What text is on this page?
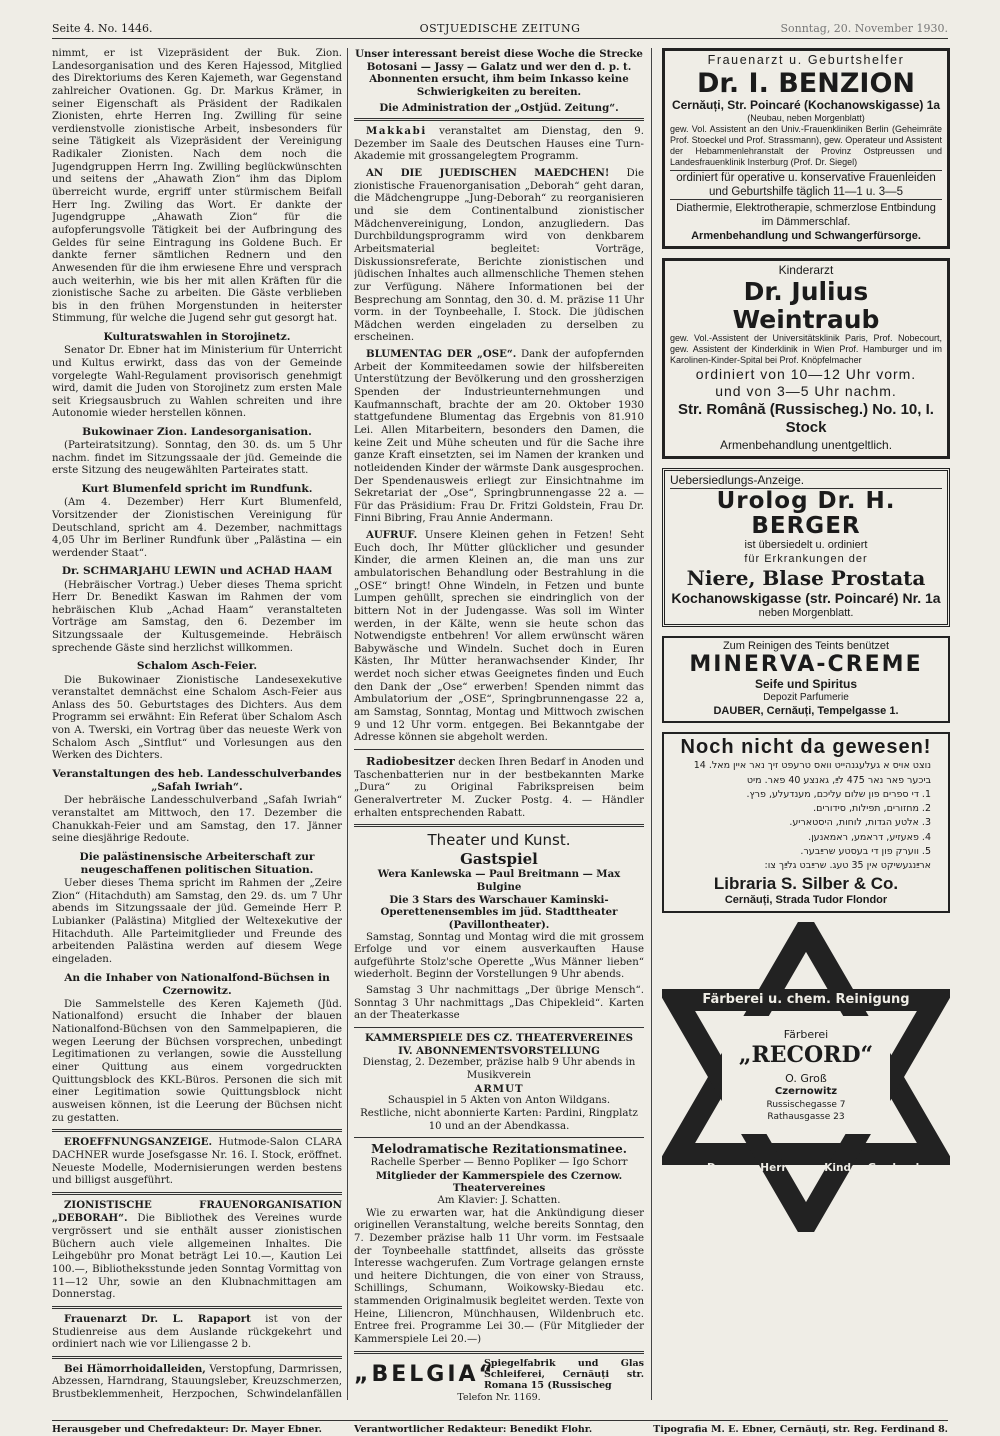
Seite 4. No. 1446.	OSTJUEDISCHE ZEITUNG	Sonntag, 20. November 1930.

nimmt, er ist Vizepräsident der Buk. Zion. Landesorganisation und des Keren Hajessod, Mitglied des Direktoriums des Keren Kajemeth, war Gegenstand zahlreicher Ovationen. Gg. Dr. Markus Krämer, in seiner Eigenschaft als Präsident der Radikalen Zionisten, ehrte Herren Ing. Zwilling für seine verdienstvolle zionistische Arbeit, insbesonders für seine Tätigkeit als Vizepräsident der Vereinigung Radikaler Zionisten. Nach dem noch die Jugendgruppen Herrn Ing. Zwilling beglückwünschten und seitens der „Ahawath Zion“ ihm das Diplom überreicht wurde, ergriff unter stürmischem Beifall Herr Ing. Zwiling das Wort. Er dankte der Jugendgruppe „Ahawath Zion“ für die aufopferungsvolle Tätigkeit bei der Aufbringung des Geldes für seine Eintragung ins Goldene Buch. Er dankte ferner sämtlichen Rednern und den Anwesenden für die ihm erwiesene Ehre und versprach auch weiterhin, wie bis her mit allen Kräften für die zionistische Sache zu arbeiten. Die Gäste verblieben bis in den frühen Morgenstunden in heiterster Stimmung, für welche die Jugend sehr gut gesorgt hat.

Kulturatswahlen in Storojinetz.

Senator Dr. Ebner hat im Ministerium für Unterricht und Kultus erwirkt, dass das von der Gemeinde vorgelegte Wahl-Regulament provisorisch genehmigt wird, damit die Juden von Storojinetz zum ersten Male seit Kriegsausbruch zu Wahlen schreiten und ihre Autonomie wieder herstellen können.

Bukowinaer Zion. Landesorganisation.

(Parteiratsitzung). Sonntag, den 30. ds. um 5 Uhr nachm. findet im Sitzungssaale der jüd. Gemeinde die erste Sitzung des neugewählten Parteirates statt.

Kurt Blumenfeld spricht im Rundfunk.

(Am 4. Dezember) Herr Kurt Blumenfeld, Vorsitzender der Zionistischen Vereinigung für Deutschland, spricht am 4. Dezember, nachmittags 4,05 Uhr im Berliner Rundfunk über „Palästina — ein werdender Staat“.

Dr. SCHMARJAHU LEWIN und ACHAD HAAM

(Hebräischer Vortrag.) Ueber dieses Thema spricht Herr Dr. Benedikt Kaswan im Rahmen der vom hebräischen Klub „Achad Haam“ veranstalteten Vorträge am Samstag, den 6. Dezember im Sitzungssaale der Kultusgemeinde. Hebräisch sprechende Gäste sind herzlichst willkommen.

Schalom Asch-Feier.

Die Bukowinaer Zionistische Landesexekutive veranstaltet demnächst eine Schalom Asch-Feier aus Anlass des 50. Geburtstages des Dichters. Aus dem Programm sei erwähnt: Ein Referat über Schalom Asch von A. Twerski, ein Vortrag über das neueste Werk von Schalom Asch „Sintflut“ und Vorlesungen aus den Werken des Dichters.

Veranstaltungen des heb. Landesschulverbandes „Safah Iwriah“.

Der hebräische Landesschulverband „Safah Iwriah“ veranstaltet am Mittwoch, den 17. Dezember die Chanukkah-Feier und am Samstag, den 17. Jänner seine diesjährige Redoute.

Die palästinensische Arbeiterschaft zur neugeschaffenen politischen Situation.

Ueber dieses Thema spricht im Rahmen der „Zeire Zion“ (Hitachduth) am Samstag, den 29. ds. um 7 Uhr abends im Sitzungssaale der jüd. Gemeinde Herr P. Lubianker (Palästina) Mitglied der Weltexekutive der Hitachduth. Alle Parteimitglieder und Freunde des arbeitenden Palästina werden auf diesem Wege eingeladen.

An die Inhaber von Nationalfond-Büchsen in Czernowitz.

Die Sammelstelle des Keren Kajemeth (Jüd. Nationalfond) ersucht die Inhaber der blauen Nationalfond-Büchsen von den Sammelpapieren, die wegen Leerung der Büchsen vorsprechen, unbedingt Legitimationen zu verlangen, sowie die Ausstellung einer Quittung aus einem vorgedruckten Quittungsblock des KKL-Büros. Personen die sich mit einer Legitimation sowie Quittungsblock nicht ausweisen können, ist die Leerung der Büchsen nicht zu gestatten.

EROEFFNUNGSANZEIGE. Hutmode-Salon CLARA DACHNER wurde Josefsgasse Nr. 16. I. Stock, eröffnet. Neueste Modelle, Modernisierungen werden bestens und billigst ausgeführt.

ZIONISTISCHE FRAUENORGANISATION „DEBORAH“. Die Bibliothek des Vereines wurde vergrössert und sie enthält ausser zionistischen Büchern auch viele allgemeinen Inhaltes. Die Leihgebühr pro Monat beträgt Lei 10.—, Kaution Lei 100.—, Bibliotheksstunde jeden Sonntag Vormittag von 11—12 Uhr, sowie an den Klubnachmittagen am Donnerstag.

Frauenarzt Dr. L. Rapaport ist von der Studienreise aus dem Auslande rückgekehrt und ordiniert nach wie vor Liliengasse 2 b.

Bei Hämorrhoidalleiden, Verstopfung, Darmrissen, Abzessen, Harndrang, Stauungsleber, Kreuzschmerzen, Brustbeklemmenheit, Herzpochen, Schwindelanfällen

Unser interessant bereist diese Woche die Strecke Botosani — Jassy — Galatz und wer den d. p. t. Abonnenten ersucht, ihm beim Inkasso keine Schwierigkeiten zu bereiten.

Die Administration der „Ostjüd. Zeitung“.

Makkabi veranstaltet am Dienstag, den 9. Dezember im Saale des Deutschen Hauses eine Turn-Akademie mit grossangelegtem Programm.

AN DIE JUEDISCHEN MAEDCHEN! Die zionistische Frauenorganisation „Deborah“ geht daran, die Mädchengruppe „Jung-Deborah“ zu reorganisieren und sie dem Continentalbund zionistischer Mädchenvereinigung, London, anzugliedern. Das Durchbildungsprogramm wird von denkbarem Arbeitsmaterial begleitet: Vorträge, Diskussionsreferate, Berichte zionistischen und jüdischen Inhaltes auch allmenschliche Themen stehen zur Verfügung. Nähere Informationen bei der Besprechung am Sonntag, den 30. d. M. präzise 11 Uhr vorm. in der Toynbeehalle, I. Stock. Die jüdischen Mädchen werden eingeladen zu derselben zu erscheinen.

BLUMENTAG DER „OSE“. Dank der aufopfernden Arbeit der Kommiteedamen sowie der hilfsbereiten Unterstützung der Bevölkerung und den grossherzigen Spenden der Industrieunternehmungen und Kaufmannschaft, brachte der am 20. Oktober 1930 stattgefundene Blumentag das Ergebnis von 81.910 Lei. Allen Mitarbeitern, besonders den Damen, die keine Zeit und Mühe scheuten und für die Sache ihre ganze Kraft einsetzten, sei im Namen der kranken und notleidenden Kinder der wärmste Dank ausgesprochen. Der Spendenausweis erliegt zur Einsichtnahme im Sekretariat der „Ose“, Springbrunnengasse 22 a. — Für das Präsidium: Frau Dr. Fritzi Goldstein, Frau Dr. Finni Bibring, Frau Annie Andermann.

AUFRUF. Unsere Kleinen gehen in Fetzen! Seht Euch doch, Ihr Mütter glücklicher und gesunder Kinder, die armen Kleinen an, die man uns zur ambulatorischen Behandlung oder Bestrahlung in die „OSE“ bringt! Ohne Windeln, in Fetzen und bunte Lumpen gehüllt, sprechen sie eindringlich von der bittern Not in der Judengasse. Was soll im Winter werden, in der Kälte, wenn sie heute schon das Notwendigste entbehren! Vor allem erwünscht wären Babywäsche und Windeln. Suchet doch in Euren Kästen, Ihr Mütter heranwachsender Kinder, Ihr werdet noch sicher etwas Geeignetes finden und Euch den Dank der „Ose“ erwerben! Spenden nimmt das Ambulatorium der „OSE“, Springbrunnengasse 22 a, am Samstag, Sonntag, Montag und Mittwoch zwischen 9 und 12 Uhr vorm. entgegen. Bei Bekanntgabe der Adresse können sie abgeholt werden.

Radiobesitzer decken Ihren Bedarf in Anoden und Taschenbatterien nur in der bestbekannten Marke „Dura“ zu Original Fabrikspreisen beim Generalvertreter M. Zucker Postg. 4. — Händler erhalten entsprechenden Rabatt.

Theater und Kunst.
Gastspiel
Wera Kanlewska — Paul Breitmann — Max Bulgine
Die 3 Stars des Warschauer Kaminski-Operettenensembles im jüd. Stadttheater (Pavillontheater).

Samstag, Sonntag und Montag wird die mit grossem Erfolge und vor einem ausverkauften Hause aufgeführte Stolz'sche Operette „Wus Männer lieben“ wiederholt. Beginn der Vorstellungen 9 Uhr abends.

Samstag 3 Uhr nachmittags „Der übrige Mensch“. Sonntag 3 Uhr nachmittags „Das Chipekleid“. Karten an der Theaterkasse

KAMMERSPIELE DES CZ. THEATERVEREINES
IV. ABONNEMENTSVORSTELLUNG
Dienstag, 2. Dezember, präzise halb 9 Uhr abends in Musikverein
ARMUT
Schauspiel in 5 Akten von Anton Wildgans.
Restliche, nicht abonnierte Karten: Pardini, Ringplatz 10 und an der Abendkassa.
Melodramatische Rezitationsmatinee.
Rachelle Sperber — Benno Popliker — Igo Schorr
Mitglieder der Kammerspiele des Czernow. Theatervereines
Am Klavier: J. Schatten.

Wie zu erwarten war, hat die Ankündigung dieser originellen Veranstaltung, welche bereits Sonntag, den 7. Dezember präzise halb 11 Uhr vorm. im Festsaale der Toynbeehalle stattfindet, allseits das grösste Interesse wachgerufen. Zum Vortrage gelangen ernste und heitere Dichtungen, die von einer von Strauss, Schillings, Schumann, Woikowsky-Biedau etc. stammenden Originalmusik begleitet werden. Texte von Heine, Liliencron, Münchhausen, Wildenbruch etc. Entree frei. Programme Lei 30.— (Für Mitglieder der Kammerspiele Lei 20.—)

„BELGIA“
Spiegelfabrik und Glas Schleiferei, Cernăuți str. Romana 15 (Russischeg
Telefon Nr. 1169.

Frauenarzt u. Geburtshelfer
Dr. I. BENZION
Cernăuți, Str. Poincaré (Kochanowskigasse) 1a
(Neubau, neben Morgenblatt)
gew. Vol. Assistent an den Univ.-Frauenkliniken Berlin (Geheimräte Prof. Stoeckel und Prof. Strassmann), gew. Operateur und Assistent der Hebammenlehranstalt der Provinz Ostpreussen und Landesfrauenklinik Insterburg (Prof. Dr. Siegel)
ordiniert für operative u. konservative Frauenleiden und Geburtshilfe täglich 11—1 u. 3—5
Diathermie, Elektrotherapie, schmerzlose Entbindung im Dämmerschlaf.
Armenbehandlung und Schwangerfürsorge.
Kinderarzt
Dr. Julius Weintraub
gew. Vol.-Assistent der Universitätsklinik Paris, Prof. Nobecourt, gew. Assistent der Kinderklinik in Wien Prof. Hamburger und im Karolinen-Kinder-Spital bei Prof. Knöpfelmacher
ordiniert von 10—12 Uhr vorm.
und von 3—5 Uhr nachm.
Str. Română (Russischeg.) No. 10, I. Stock
Armenbehandlung unentgeltlich.
Uebersiedlungs-Anzeige.
Urolog Dr. H. BERGER
ist übersiedelt u. ordiniert
für Erkrankungen der
Niere, Blase Prostata
Kochanowskigasse (str. Poincaré) Nr. 1a
neben Morgenblatt.
Zum Reinigen des Teints benützet
MINERVA-CREME
Seife und Spiritus
Depozit Parfumerie
DAUBER, Cernăuți, Tempelgasse 1.
Noch nicht da gewesen!

נוצט אויס א געלעגנהייט וואס טרעפט זיך נאר איין מאל. 14

ביכער פאר נאר 475 לײַ, גאנצע 40 פאר. מיט

1. די ספרים פון שלום עליכם, מענדעלע, פרץ.

2. מחזורים, תפילות, סידורים.

3. אלטע הגדות, לוחות, היסטאריע.

4. פאעזיע, דראמע, ראמאנען.

5. ווערק פון די בעסטע שרײַבער.

ארײַנגעשיקט אין 35 טעג. שרײַבט גלײַך צו:

Libraria S. Silber & Co.
Cernăuți, Strada Tudor Flondor
Färberei u. chem. Reinigung
Färberei
„RECORD“
O. Groß
Czernowitz
Russischegasse 7
Rathausgasse 23
von Damen-, Herren- u. Kinder-Garderobe
Herausgeber und Chefredakteur: Dr. Mayer Ebner.	Verantwortlicher Redakteur: Benedikt Flohr.	Tipografia M. E. Ebner, Cernăuți, str. Reg. Ferdinand 8.
